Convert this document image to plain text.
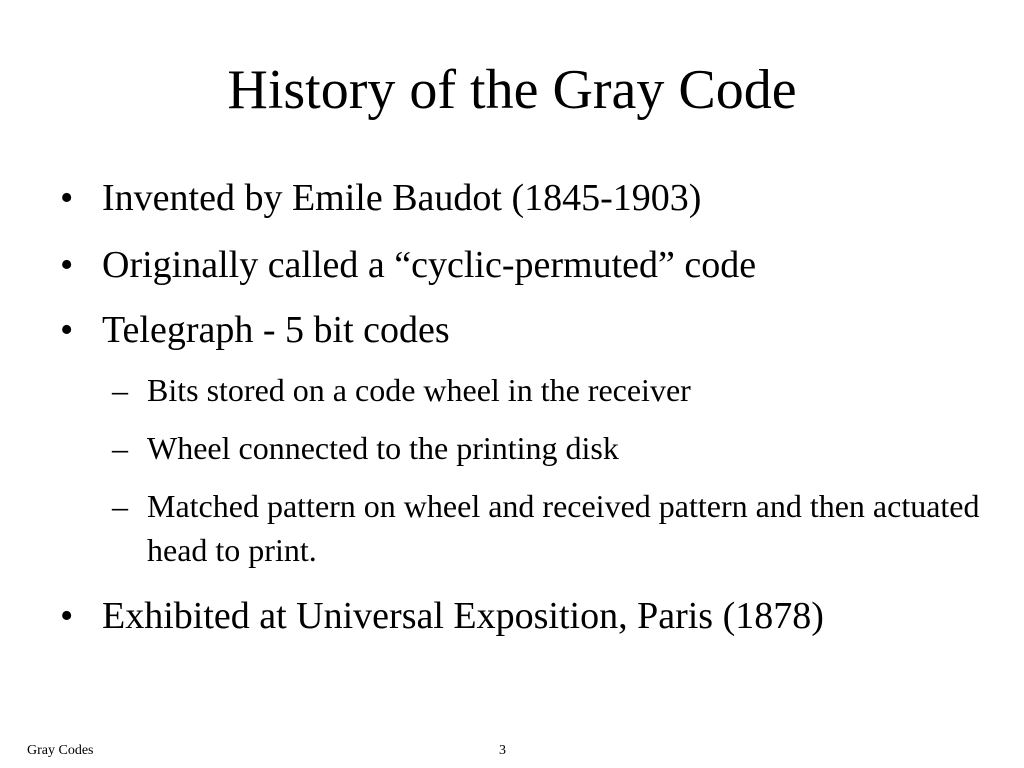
History of the Gray Code
• Invented by Emile Baudot (1845-1903)
• Originally called a “cyclic-permuted” code
• Telegraph - 5 bit codes
– Bits stored on a code wheel in the receiver
– Wheel connected to the printing disk
– Matched pattern on wheel and received pattern and then actuated head to print.
• Exhibited at Universal Exposition, Paris (1878)
Gray Codes	3
